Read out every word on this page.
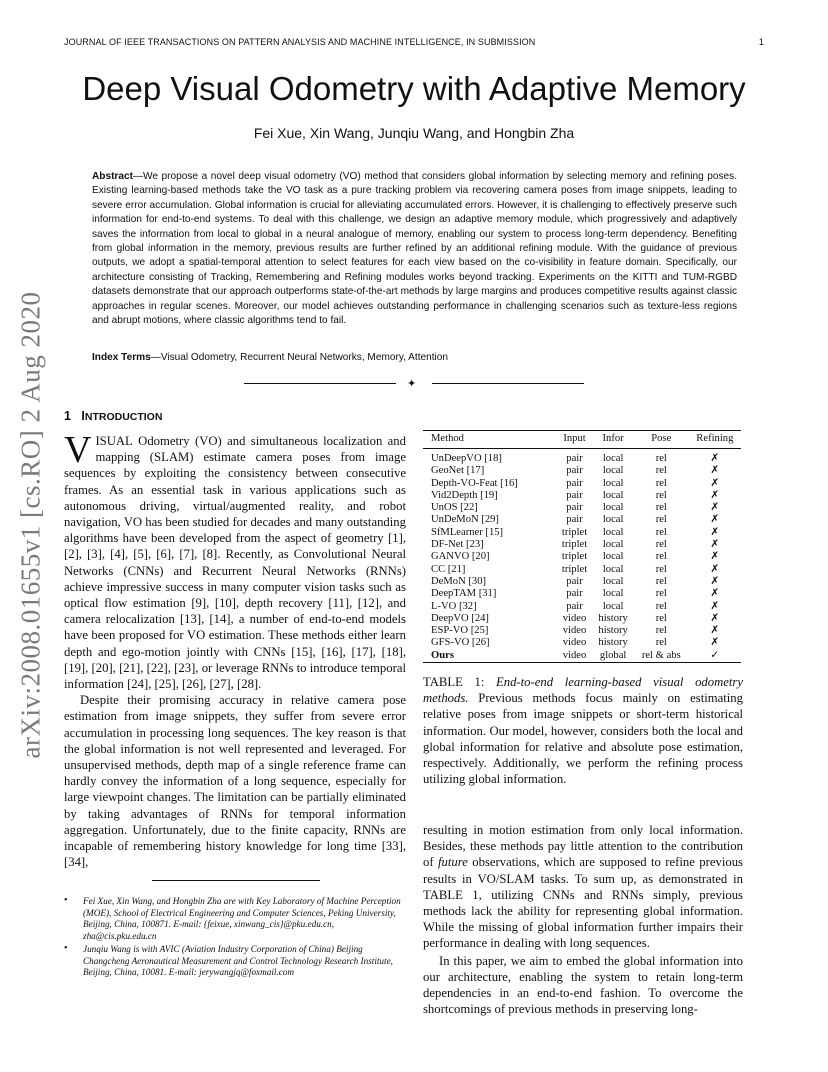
JOURNAL OF IEEE TRANSACTIONS ON PATTERN ANALYSIS AND MACHINE INTELLIGENCE, IN SUBMISSION	1
Deep Visual Odometry with Adaptive Memory
Fei Xue, Xin Wang, Junqiu Wang, and Hongbin Zha
Abstract—We propose a novel deep visual odometry (VO) method that considers global information by selecting memory and refining poses. Existing learning-based methods take the VO task as a pure tracking problem via recovering camera poses from image snippets, leading to severe error accumulation. Global information is crucial for alleviating accumulated errors. However, it is challenging to effectively preserve such information for end-to-end systems. To deal with this challenge, we design an adaptive memory module, which progressively and adaptively saves the information from local to global in a neural analogue of memory, enabling our system to process long-term dependency. Benefiting from global information in the memory, previous results are further refined by an additional refining module. With the guidance of previous outputs, we adopt a spatial-temporal attention to select features for each view based on the co-visibility in feature domain. Specifically, our architecture consisting of Tracking, Remembering and Refining modules works beyond tracking. Experiments on the KITTI and TUM-RGBD datasets demonstrate that our approach outperforms state-of-the-art methods by large margins and produces competitive results against classic approaches in regular scenes. Moreover, our model achieves outstanding performance in challenging scenarios such as texture-less regions and abrupt motions, where classic algorithms tend to fail.
Index Terms—Visual Odometry, Recurrent Neural Networks, Memory, Attention
✦
arXiv:2008.01655v1 [cs.RO] 2 Aug 2020 1 INTRODUCTION

VISUAL Odometry (VO) and simultaneous localization and mapping (SLAM) estimate camera poses from image sequences by exploiting the consistency between consecutive frames. As an essential task in various applications such as autonomous driving, virtual/augmented reality, and robot navigation, VO has been studied for decades and many outstanding algorithms have been developed from the aspect of geometry [1], [2], [3], [4], [5], [6], [7], [8]. Recently, as Convolutional Neural Networks (CNNs) and Recurrent Neural Networks (RNNs) achieve impressive success in many computer vision tasks such as optical flow estimation [9], [10], depth recovery [11], [12], and camera relocalization [13], [14], a number of end-to-end models have been proposed for VO estimation. These methods either learn depth and ego-motion jointly with CNNs [15], [16], [17], [18], [19], [20], [21], [22], [23], or leverage RNNs to introduce temporal information [24], [25], [26], [27], [28].

Despite their promising accuracy in relative camera pose estimation from image snippets, they suffer from severe error accumulation in processing long sequences. The key reason is that the global information is not well represented and leveraged. For unsupervised methods, depth map of a single reference frame can hardly convey the information of a long sequence, especially for large viewpoint changes. The limitation can be partially eliminated by taking advantages of RNNs for temporal information aggregation. Unfortunately, due to the finite capacity, RNNs are incapable of remembering history knowledge for long time [33], [34],

• Fei Xue, Xin Wang, and Hongbin Zha are with Key Laboratory of Machine Perception (MOE), School of Electrical Engineering and Computer Sciences, Peking University, Beijing, China, 100871. E-mail: {feixue, xinwang_cis}@pku.edu.cn, zha@cis.pku.edu.cn
• Junqiu Wang is with AVIC (Aviation Industry Corporation of China) Beijing Changcheng Aeronautical Measurement and Control Technology Research Institute, Beijing, China, 10081. E-mail: jerywangjq@foxmail.com
Method	Input	Infor	Pose	Refining
UnDeepVO [18]	pair	local	rel	✗
GeoNet [17]	pair	local	rel	✗
Depth-VO-Feat [16]	pair	local	rel	✗
Vid2Depth [19]	pair	local	rel	✗
UnOS [22]	pair	local	rel	✗
UnDeMoN [29]	pair	local	rel	✗
SfMLearner [15]	triplet	local	rel	✗
DF-Net [23]	triplet	local	rel	✗
GANVO [20]	triplet	local	rel	✗
CC [21]	triplet	local	rel	✗
DeMoN [30]	pair	local	rel	✗
DeepTAM [31]	pair	local	rel	✗
L-VO [32]	pair	local	rel	✗
DeepVO [24]	video	history	rel	✗
ESP-VO [25]	video	history	rel	✗
GFS-VO [26]	video	history	rel	✗
Ours	video	global	rel & abs	✓
TABLE 1: End-to-end learning-based visual odometry methods. Previous methods focus mainly on estimating relative poses from image snippets or short-term historical information. Our model, however, considers both the local and global information for relative and absolute pose estimation, respectively. Additionally, we perform the refining process utilizing global information.

resulting in motion estimation from only local information. Besides, these methods pay little attention to the contribution of future observations, which are supposed to refine previous results in VO/SLAM tasks. To sum up, as demonstrated in TABLE 1, utilizing CNNs and RNNs simply, previous methods lack the ability for representing global information. While the missing of global information further impairs their performance in dealing with long sequences.

In this paper, we aim to embed the global information into our architecture, enabling the system to retain long-term dependencies in an end-to-end fashion. To overcome the shortcomings of previous methods in preserving long-
